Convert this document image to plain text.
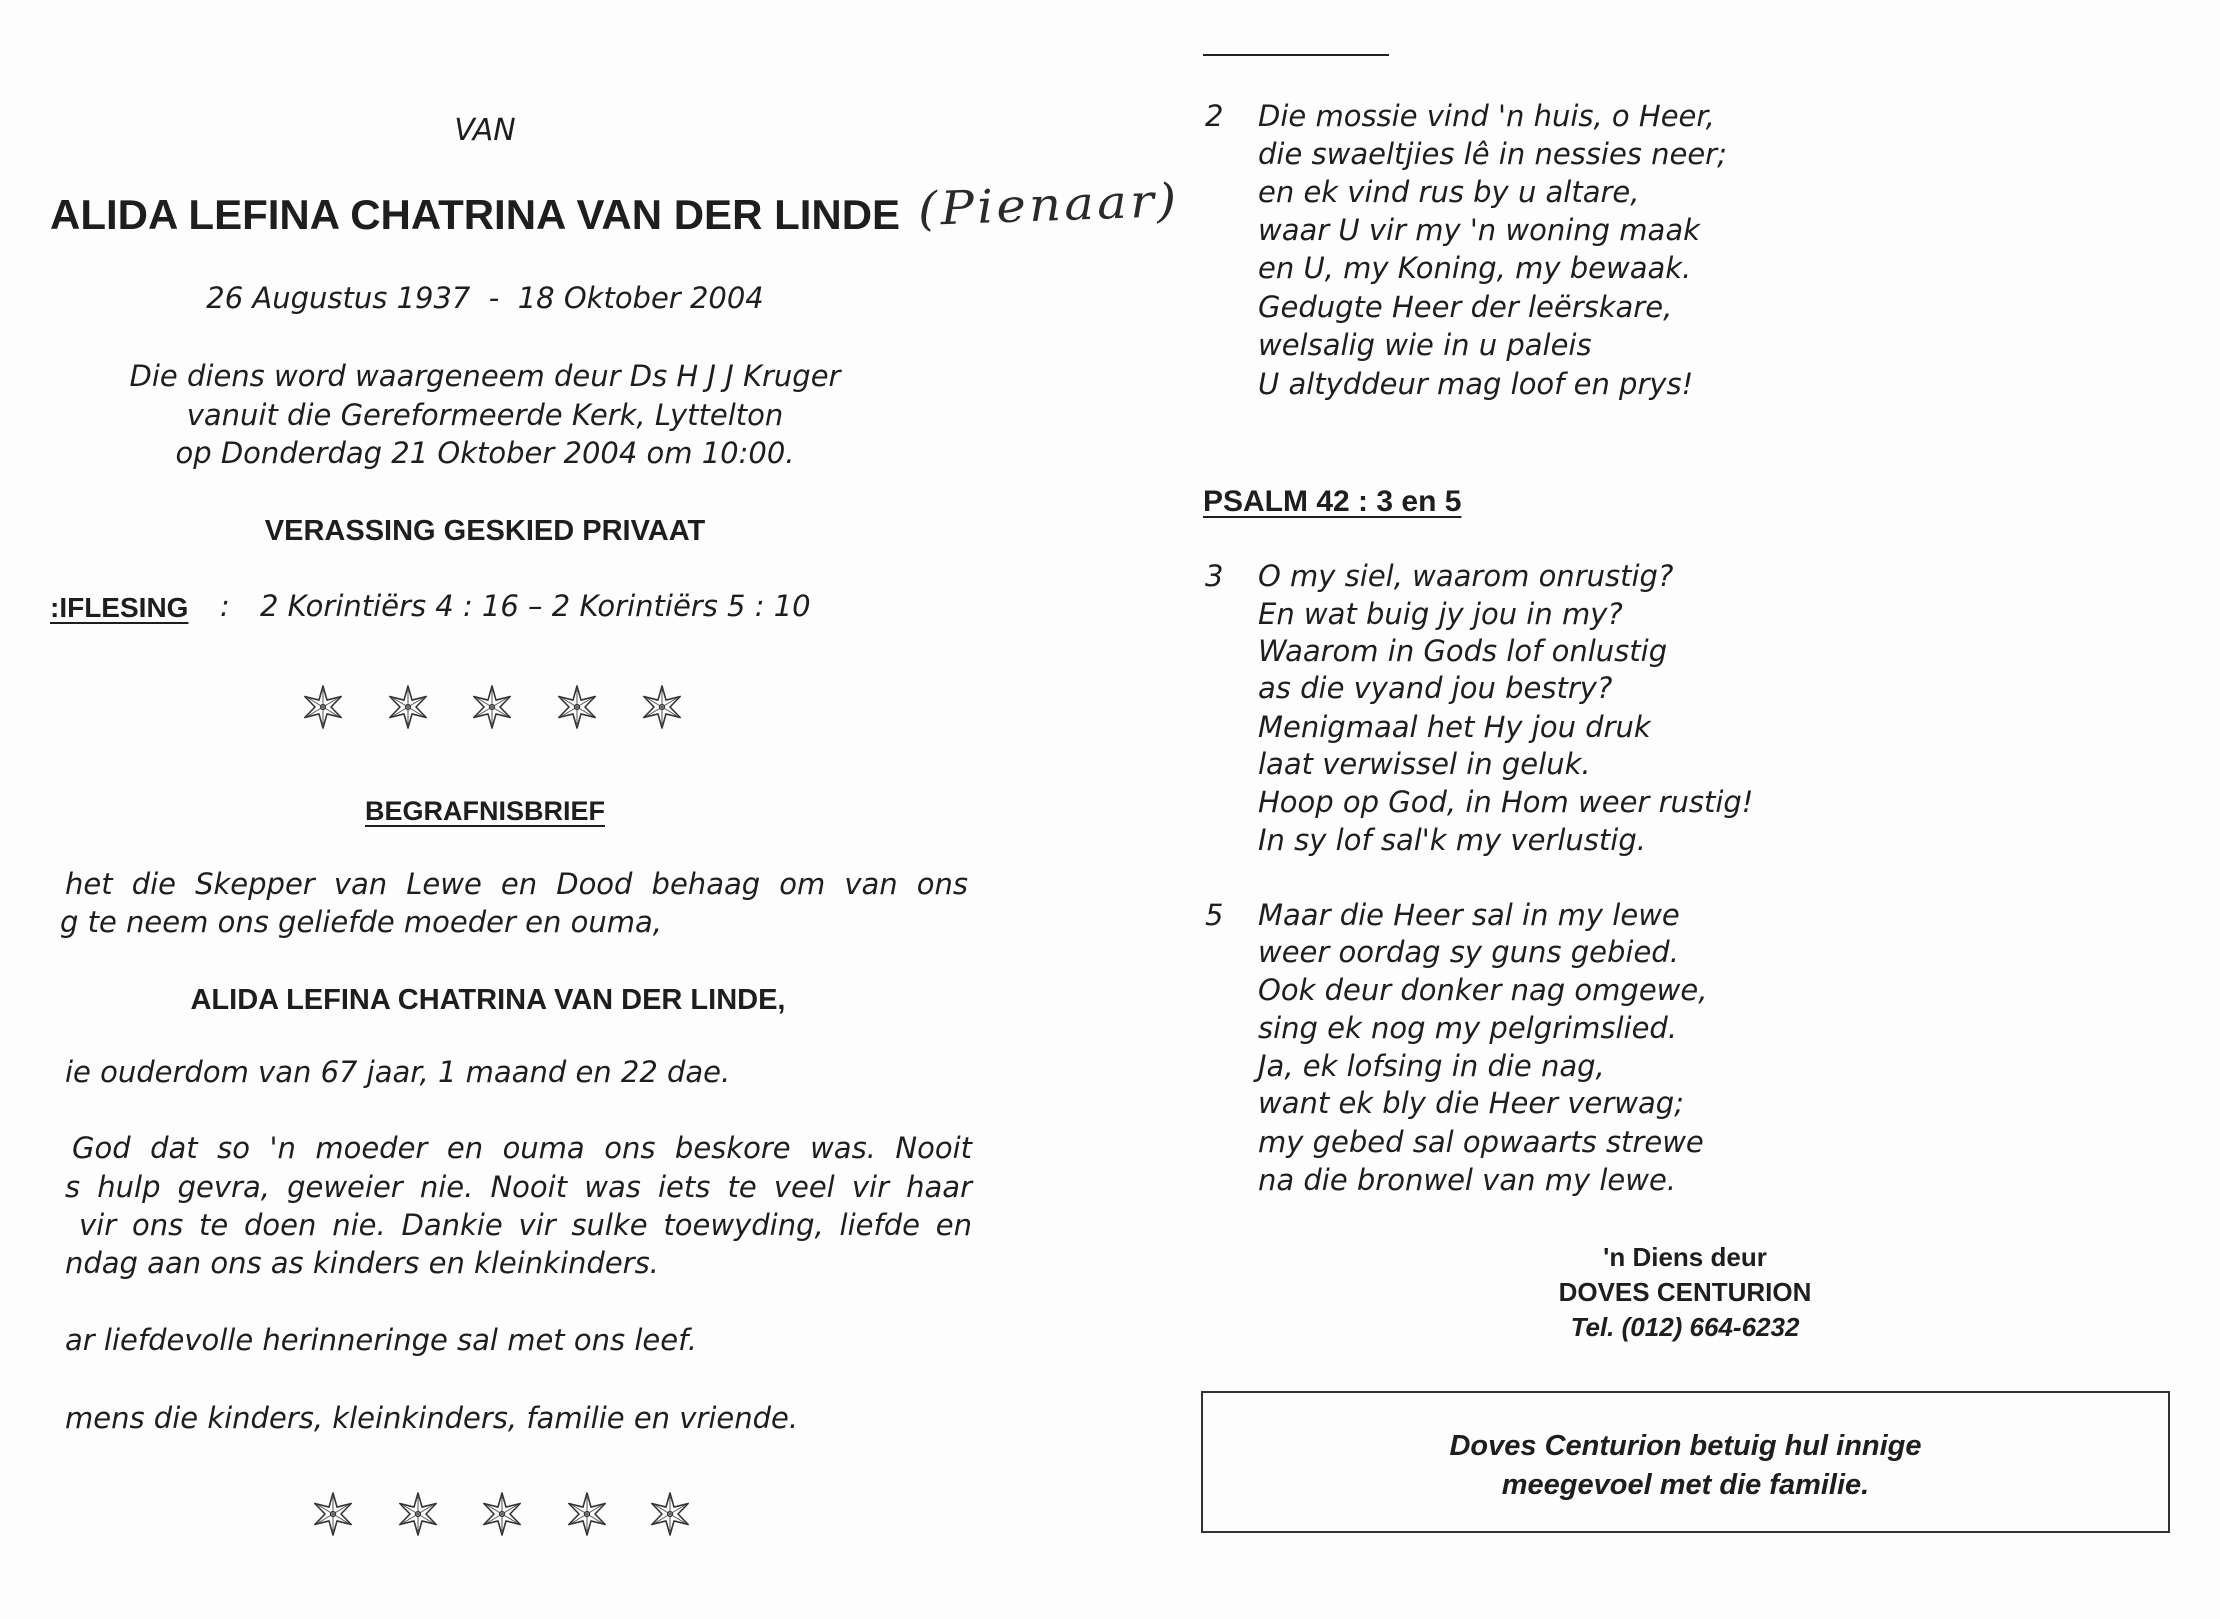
VAN
ALIDA LEFINA CHATRINA VAN DER LINDE (Pienaar)
26 Augustus 1937  -  18 Oktober 2004
Die diens word waargeneem deur Ds H J J Kruger
vanuit die Gereformeerde Kerk, Lyttelton
op Donderdag 21 Oktober 2004 om 10:00.
VERASSING GESKIED PRIVAAT
:IFLESING : 2 Korintiërs 4 : 16 – 2 Korintiërs 5 : 10
BEGRAFNISBRIEF
het die Skepper van Lewe en Dood behaag om van ons
g te neem ons geliefde moeder en ouma,
ALIDA LEFINA CHATRINA VAN DER LINDE,
ie ouderdom van 67 jaar, 1 maand en 22 dae.
God dat so 'n moeder en ouma ons beskore was. Nooit
s hulp gevra, geweier nie. Nooit was iets te veel vir haar
vir ons te doen nie. Dankie vir sulke toewyding, liefde en
ndag aan ons as kinders en kleinkinders.
ar liefdevolle herinneringe sal met ons leef.
mens die kinders, kleinkinders, familie en vriende.
2 Die mossie vind 'n huis, o Heer,
die swaeltjies lê in nessies neer;
en ek vind rus by u altare,
waar U vir my 'n woning maak
en U, my Koning, my bewaak.
Gedugte Heer der leërskare,
welsalig wie in u paleis
U altyddeur mag loof en prys!
PSALM 42 : 3 en 5
3 O my siel, waarom onrustig?
En wat buig jy jou in my?
Waarom in Gods lof onlustig
as die vyand jou bestry?
Menigmaal het Hy jou druk
laat verwissel in geluk.
Hoop op God, in Hom weer rustig!
In sy lof sal'k my verlustig.
5 Maar die Heer sal in my lewe
weer oordag sy guns gebied.
Ook deur donker nag omgewe,
sing ek nog my pelgrimslied.
Ja, ek lofsing in die nag,
want ek bly die Heer verwag;
my gebed sal opwaarts strewe
na die bronwel van my lewe.
'n Diens deur
DOVES CENTURION
Tel. (012) 664-6232
Doves Centurion betuig hul innige
meegevoel met die familie.
